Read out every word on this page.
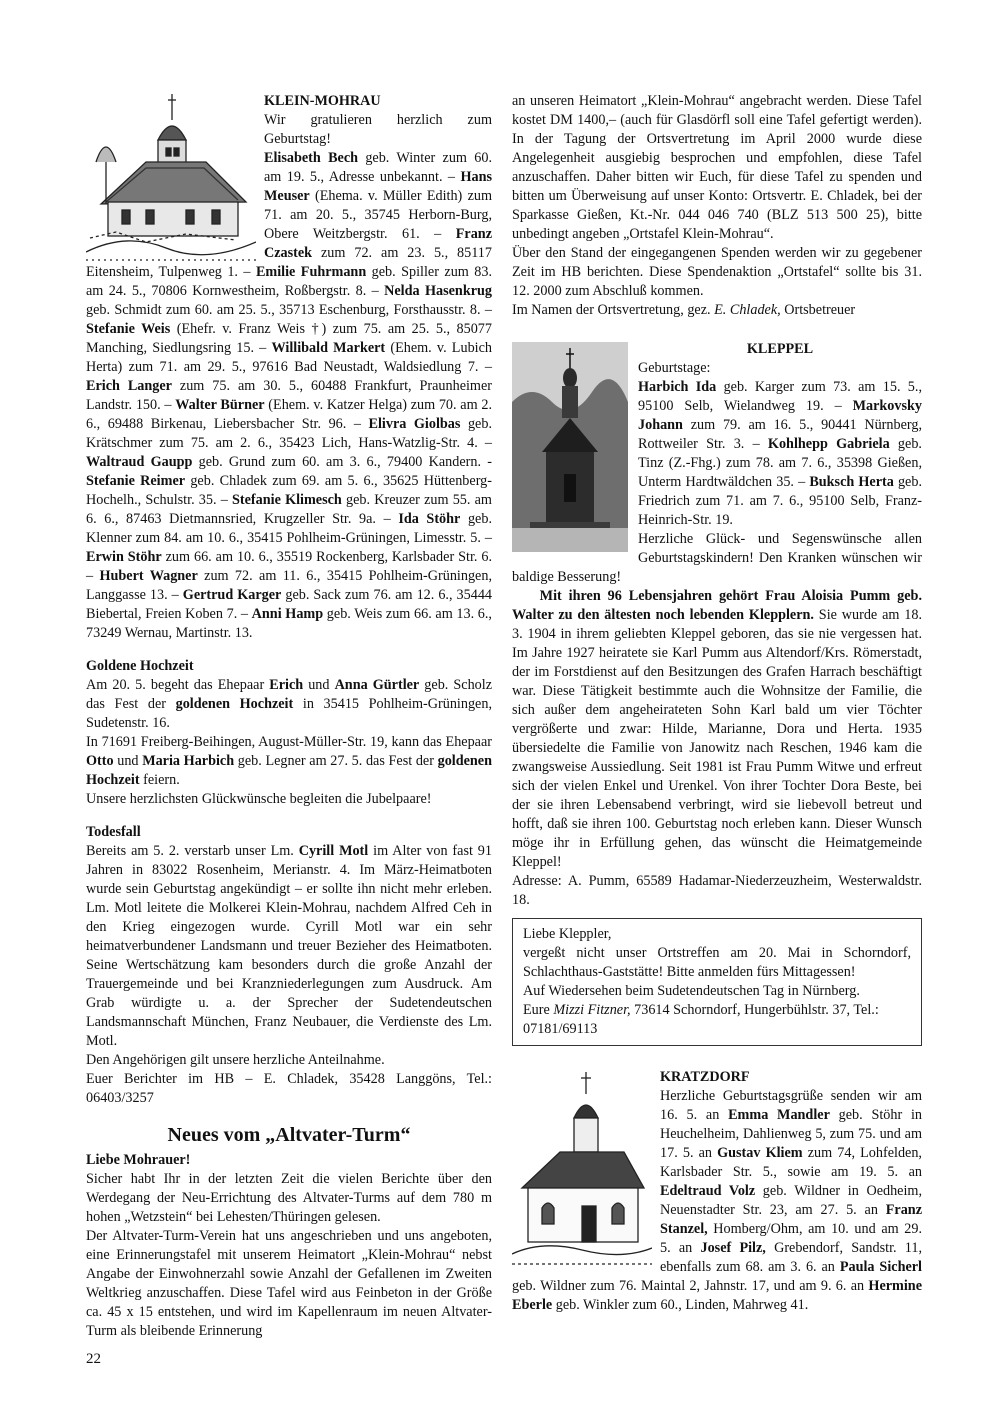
KLEIN-MOHRAU
Wir gratulieren herzlich zum Geburtstag!
Elisabeth Bech geb. Winter zum 60. am 19. 5., Adresse unbekannt. – Hans Meuser (Ehema. v. Müller Edith) zum 71. am 20. 5., 35745 Herborn-Burg, Obere Weitzbergstr. 61. – Franz Czastek zum 72. am 23. 5., 85117 Eitensheim, Tulpenweg 1. – Emilie Fuhrmann geb. Spiller zum 83. am 24. 5., 70806 Kornwestheim, Roßbergstr. 8. – Nelda Hasenkrug geb. Schmidt zum 60. am 25. 5., 35713 Eschenburg, Forsthausstr. 8. – Stefanie Weis (Ehefr. v. Franz Weis †) zum 75. am 25. 5., 85077 Manching, Siedlungsring 15. – Willibald Markert (Ehem. v. Lubich Herta) zum 71. am 29. 5., 97616 Bad Neustadt, Waldsiedlung 7. – Erich Langer zum 75. am 30. 5., 60488 Frankfurt, Praunheimer Landstr. 150. – Walter Bürner (Ehem. v. Katzer Helga) zum 70. am 2. 6., 69488 Birkenau, Liebersbacher Str. 96. – Elivra Giolbas geb. Krätschmer zum 75. am 2. 6., 35423 Lich, Hans-Watzlig-Str. 4. – Waltraud Gaupp geb. Grund zum 60. am 3. 6., 79400 Kandern. - Stefanie Reimer geb. Chladek zum 69. am 5. 6., 35625 Hüttenberg-Hochelh., Schulstr. 35. – Stefanie Klimesch geb. Kreuzer zum 55. am 6. 6., 87463 Dietmannsried, Krugzeller Str. 9a. – Ida Stöhr geb. Klenner zum 84. am 10. 6., 35415 Pohlheim-Grüningen, Limesstr. 5. – Erwin Stöhr zum 66. am 10. 6., 35519 Rockenberg, Karlsbader Str. 6. – Hubert Wagner zum 72. am 11. 6., 35415 Pohlheim-Grüningen, Langgasse 13. – Gertrud Karger geb. Sack zum 76. am 12. 6., 35444 Biebertal, Freien Koben 7. – Anni Hamp geb. Weis zum 66. am 13. 6., 73249 Wernau, Martinstr. 13.
Goldene Hochzeit

Am 20. 5. begeht das Ehepaar Erich und Anna Gürtler geb. Scholz das Fest der goldenen Hochzeit in 35415 Pohlheim-Grüningen, Sudetenstr. 16.

In 71691 Freiberg-Beihingen, August-Müller-Str. 19, kann das Ehepaar Otto und Maria Harbich geb. Legner am 27. 5. das Fest der goldenen Hochzeit feiern.

Unsere herzlichsten Glückwünsche begleiten die Jubelpaare!

Todesfall

Bereits am 5. 2. verstarb unser Lm. Cyrill Motl im Alter von fast 91 Jahren in 83022 Rosenheim, Merianstr. 4. Im März-Heimatboten wurde sein Geburtstag angekündigt – er sollte ihn nicht mehr erleben. Lm. Motl leitete die Molkerei Klein-Mohrau, nachdem Alfred Ceh in den Krieg eingezogen wurde. Cyrill Motl war ein sehr heimatverbundener Landsmann und treuer Bezieher des Heimatboten. Seine Wertschätzung kam besonders durch die große Anzahl der Trauergemeinde und bei Kranzniederlegungen zum Ausdruck. Am Grab würdigte u. a. der Sprecher der Sudetendeutschen Landsmannschaft München, Franz Neubauer, die Verdienste des Lm. Motl.

Den Angehörigen gilt unsere herzliche Anteilnahme.

Euer Berichter im HB – E. Chladek, 35428 Langgöns, Tel.: 06403/3257

Neues vom „Altvater-Turm“
Liebe Mohrauer!

Sicher habt Ihr in der letzten Zeit die vielen Berichte über den Werdegang der Neu-Errichtung des Altvater-Turms auf dem 780 m hohen „Wetzstein“ bei Lehesten/Thüringen gelesen.

Der Altvater-Turm-Verein hat uns angeschrieben und uns angeboten, eine Erinnerungstafel mit unserem Heimatort „Klein-Mohrau“ nebst Angabe der Einwohnerzahl sowie Anzahl der Gefallenen im Zweiten Weltkrieg anzuschaffen. Diese Tafel wird aus Feinbeton in der Größe ca. 45 x 15 entstehen, und wird im Kapellenraum im neuen Altvater-Turm als bleibende Erinnerung

an unseren Heimatort „Klein-Mohrau“ angebracht werden. Diese Tafel kostet DM 1400,– (auch für Glasdörfl soll eine Tafel gefertigt werden). In der Tagung der Ortsvertretung im April 2000 wurde diese Angelegenheit ausgiebig besprochen und empfohlen, diese Tafel anzuschaffen. Daher bitten wir Euch, für diese Tafel zu spenden und bitten um Überweisung auf unser Konto: Ortsvertr. E. Chladek, bei der Sparkasse Gießen, Kt.-Nr. 044 046 740 (BLZ 513 500 25), bitte unbedingt angeben „Ortstafel Klein-Mohrau“.

Über den Stand der eingegangenen Spenden werden wir zu gegebener Zeit im HB berichten. Diese Spendenaktion „Ortstafel“ sollte bis 31. 12. 2000 zum Abschluß kommen.

Im Namen der Ortsvertretung, gez. E. Chladek, Ortsbetreuer

KLEPPEL
Geburtstage:
Harbich Ida geb. Karger zum 73. am 15. 5., 95100 Selb, Wielandweg 19. – Markovsky Johann zum 79. am 16. 5., 90441 Nürnberg, Rottweiler Str. 3. – Kohlhepp Gabriela geb. Tinz (Z.-Fhg.) zum 78. am 7. 6., 35398 Gießen, Unterm Hardtwäldchen 35. – Buksch Herta geb. Friedrich zum 71. am 7. 6., 95100 Selb, Franz-Heinrich-Str. 19.
Herzliche Glück- und Segenswünsche allen Geburtstagskindern! Den Kranken wünschen wir baldige Besserung!
Mit ihren 96 Lebensjahren gehört Frau Aloisia Pumm geb. Walter zu den ältesten noch lebenden Klepplern. Sie wurde am 18. 3. 1904 in ihrem geliebten Kleppel geboren, das sie nie vergessen hat. Im Jahre 1927 heiratete sie Karl Pumm aus Altendorf/Krs. Römerstadt, der im Forstdienst auf den Besitzungen des Grafen Harrach beschäftigt war. Diese Tätigkeit bestimmte auch die Wohnsitze der Familie, die sich außer dem angeheirateten Sohn Karl bald um vier Töchter vergrößerte und zwar: Hilde, Marianne, Dora und Herta. 1935 übersiedelte die Familie von Janowitz nach Reschen, 1946 kam die zwangsweise Aussiedlung. Seit 1981 ist Frau Pumm Witwe und erfreut sich der vielen Enkel und Urenkel. Von ihrer Tochter Dora Beste, bei der sie ihren Lebensabend verbringt, wird sie liebevoll betreut und hofft, daß sie ihren 100. Geburtstag noch erleben kann. Dieser Wunsch möge ihr in Erfüllung gehen, das wünscht die Heimatgemeinde Kleppel!

Adresse: A. Pumm, 65589 Hadamar-Niederzeuzheim, Westerwaldstr. 18.

Liebe Kleppler,

vergeßt nicht unser Ortstreffen am 20. Mai in Schorndorf, Schlachthaus-Gaststätte! Bitte anmelden fürs Mittagessen!

Auf Wiedersehen beim Sudetendeutschen Tag in Nürnberg.

Eure Mizzi Fitzner, 73614 Schorndorf, Hungerbühlstr. 37, Tel.: 07181/69113

KRATZDORF
Herzliche Geburtstagsgrüße senden wir am 16. 5. an Emma Mandler geb. Stöhr in Heuchelheim, Dahlienweg 5, zum 75. und am 17. 5. an Gustav Kliem zum 74, Lohfelden, Karlsbader Str. 5., sowie am 19. 5. an Edeltraud Volz geb. Wildner in Oedheim, Neuenstadter Str. 23, am 27. 5. an Franz Stanzel, Homberg/Ohm, am 10. und am 29. 5. an Josef Pilz, Grebendorf, Sandstr. 11, ebenfalls zum 68. am 3. 6. an Paula Sicherl geb. Wildner zum 76. Maintal 2, Jahnstr. 17, und am 9. 6. an Hermine Eberle geb. Winkler zum 60., Linden, Mahrweg 41.
22
